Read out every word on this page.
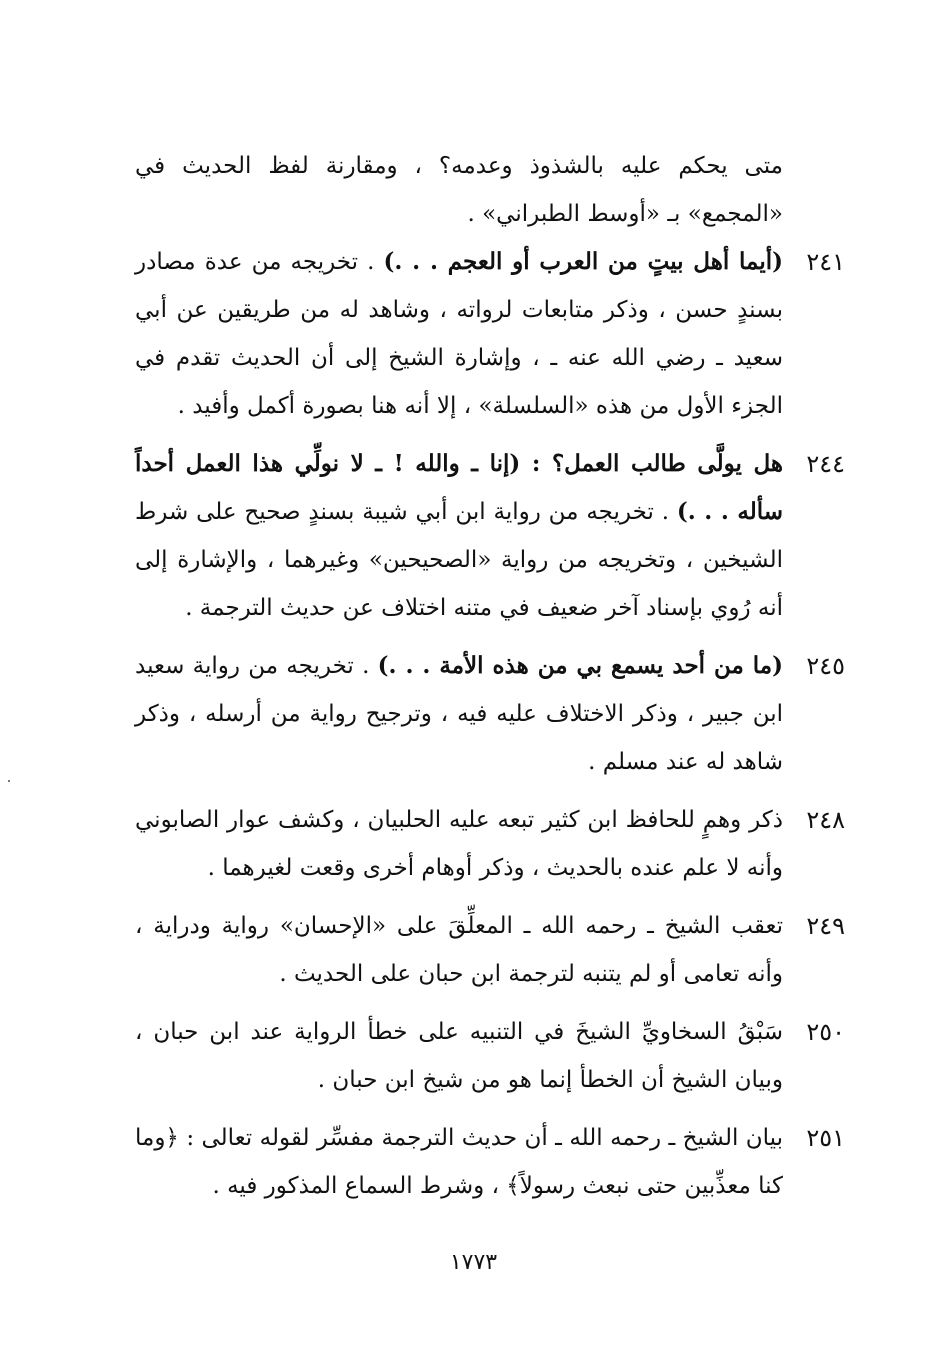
متى يحكم عليه بالشذوذ وعدمه؟ ، ومقارنة لفظ الحديث في «المجمع» بـ «أوسط الطبراني» .

٢٤١
(أيما أهل بيتٍ من العرب أو العجم . . .) . تخريجه من عدة مصادر بسندٍ حسن ، وذكر متابعات لرواته ، وشاهد له من طريقين عن أبي سعيد ـ رضي الله عنه ـ ، وإشارة الشيخ إلى أن الحديث تقدم في الجزء الأول من هذه «السلسلة» ، إلا أنه هنا بصورة أكمل وأفيد .
٢٤٤
هل يولَّى طالب العمل؟ : (إنا ـ والله ! ـ لا نولِّي هذا العمل أحداً سأله . . .) . تخريجه من رواية ابن أبي شيبة بسندٍ صحيح على شرط الشيخين ، وتخريجه من رواية «الصحيحين» وغيرهما ، والإشارة إلى أنه رُوي بإسناد آخر ضعيف في متنه اختلاف عن حديث الترجمة .
٢٤٥
(ما من أحد يسمع بي من هذه الأمة . . .) . تخريجه من رواية سعيد ابن جبير ، وذكر الاختلاف عليه فيه ، وترجيح رواية من أرسله ، وذكر شاهد له عند مسلم .
٢٤٨
ذكر وهمٍ للحافظ ابن كثير تبعه عليه الحلبيان ، وكشف عوار الصابوني وأنه لا علم عنده بالحديث ، وذكر أوهام أخرى وقعت لغيرهما .
٢٤٩
تعقب الشيخ ـ رحمه الله ـ المعلِّقَ على «الإحسان» رواية ودراية ، وأنه تعامى أو لم يتنبه لترجمة ابن حبان على الحديث .
٢٥٠
سَبْقُ السخاويِّ الشيخَ في التنبيه على خطأ الرواية عند ابن حبان ، وبيان الشيخ أن الخطأ إنما هو من شيخ ابن حبان .
٢٥١
بيان الشيخ ـ رحمه الله ـ أن حديث الترجمة مفسِّر لقوله تعالى : ﴿وما كنا معذِّبين حتى نبعث رسولاً﴾ ، وشرط السماع المذكور فيه .
١٧٧٣
